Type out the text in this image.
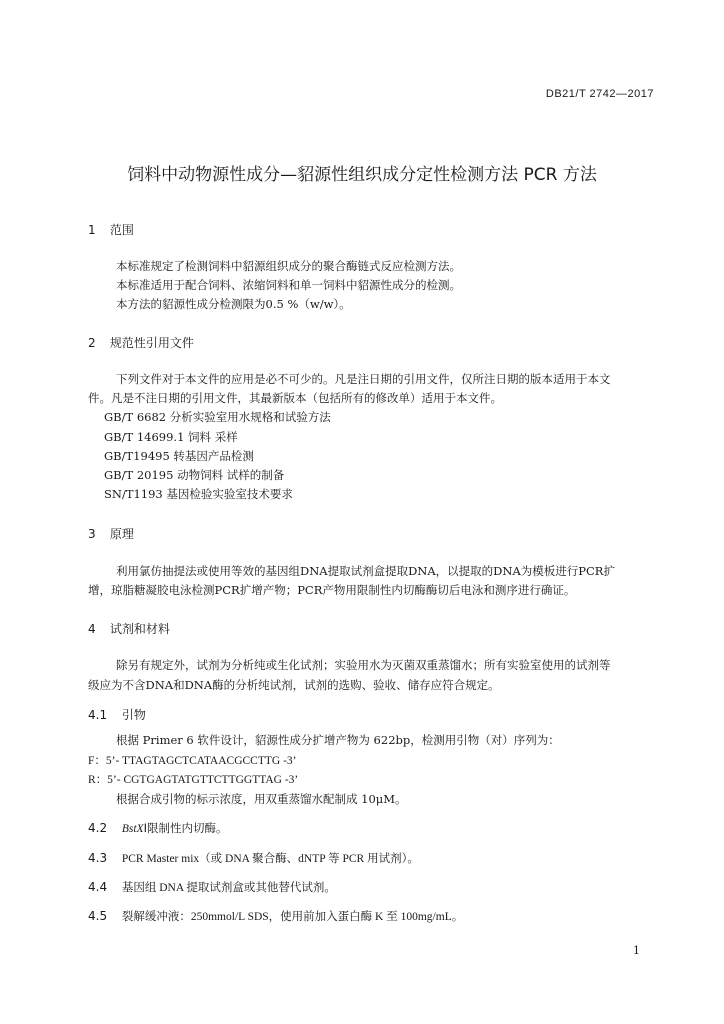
DB21/T 2742—2017
饲料中动物源性成分—貂源性组织成分定性检测方法 PCR 方法
1 范围
本标准规定了检测饲料中貂源组织成分的聚合酶链式反应检测方法。
本标准适用于配合饲料、浓缩饲料和单一饲料中貂源性成分的检测。
本方法的貂源性成分检测限为0.5 %（w/w）。
2 规范性引用文件
下列文件对于本文件的应用是必不可少的。凡是注日期的引用文件，仅所注日期的版本适用于本文
件。凡是不注日期的引用文件，其最新版本（包括所有的修改单）适用于本文件。
GB/T 6682 分析实验室用水规格和试验方法
GB/T 14699.1 饲料 采样
GB/T19495 转基因产品检测
GB/T 20195 动物饲料 试样的制备
SN/T1193 基因检验实验室技术要求
3 原理
利用氯仿抽提法或使用等效的基因组DNA提取试剂盒提取DNA，以提取的DNA为模板进行PCR扩
增，琼脂糖凝胶电泳检测PCR扩增产物；PCR产物用限制性内切酶酶切后电泳和测序进行确证。
4 试剂和材料
除另有规定外，试剂为分析纯或生化试剂；实验用水为灭菌双重蒸馏水；所有实验室使用的试剂等
级应为不含DNA和DNA酶的分析纯试剂，试剂的选购、验收、储存应符合规定。
4.1 引物
根据 Primer 6 软件设计，貂源性成分扩增产物为 622bp，检测用引物（对）序列为：
F：5’- TTAGTAGCTCATAACGCCTTG -3’
R：5’- CGTGAGTATGTTCTTGGTTAG -3’
根据合成引物的标示浓度，用双重蒸馏水配制成 10μM。
4.2 BstXⅠ限制性内切酶。
4.3 PCR Master mix（或 DNA 聚合酶、dNTP 等 PCR 用试剂）。
4.4 基因组 DNA 提取试剂盒或其他替代试剂。
4.5 裂解缓冲液：250mmol/L SDS，使用前加入蛋白酶 K 至 100mg/mL。
1
